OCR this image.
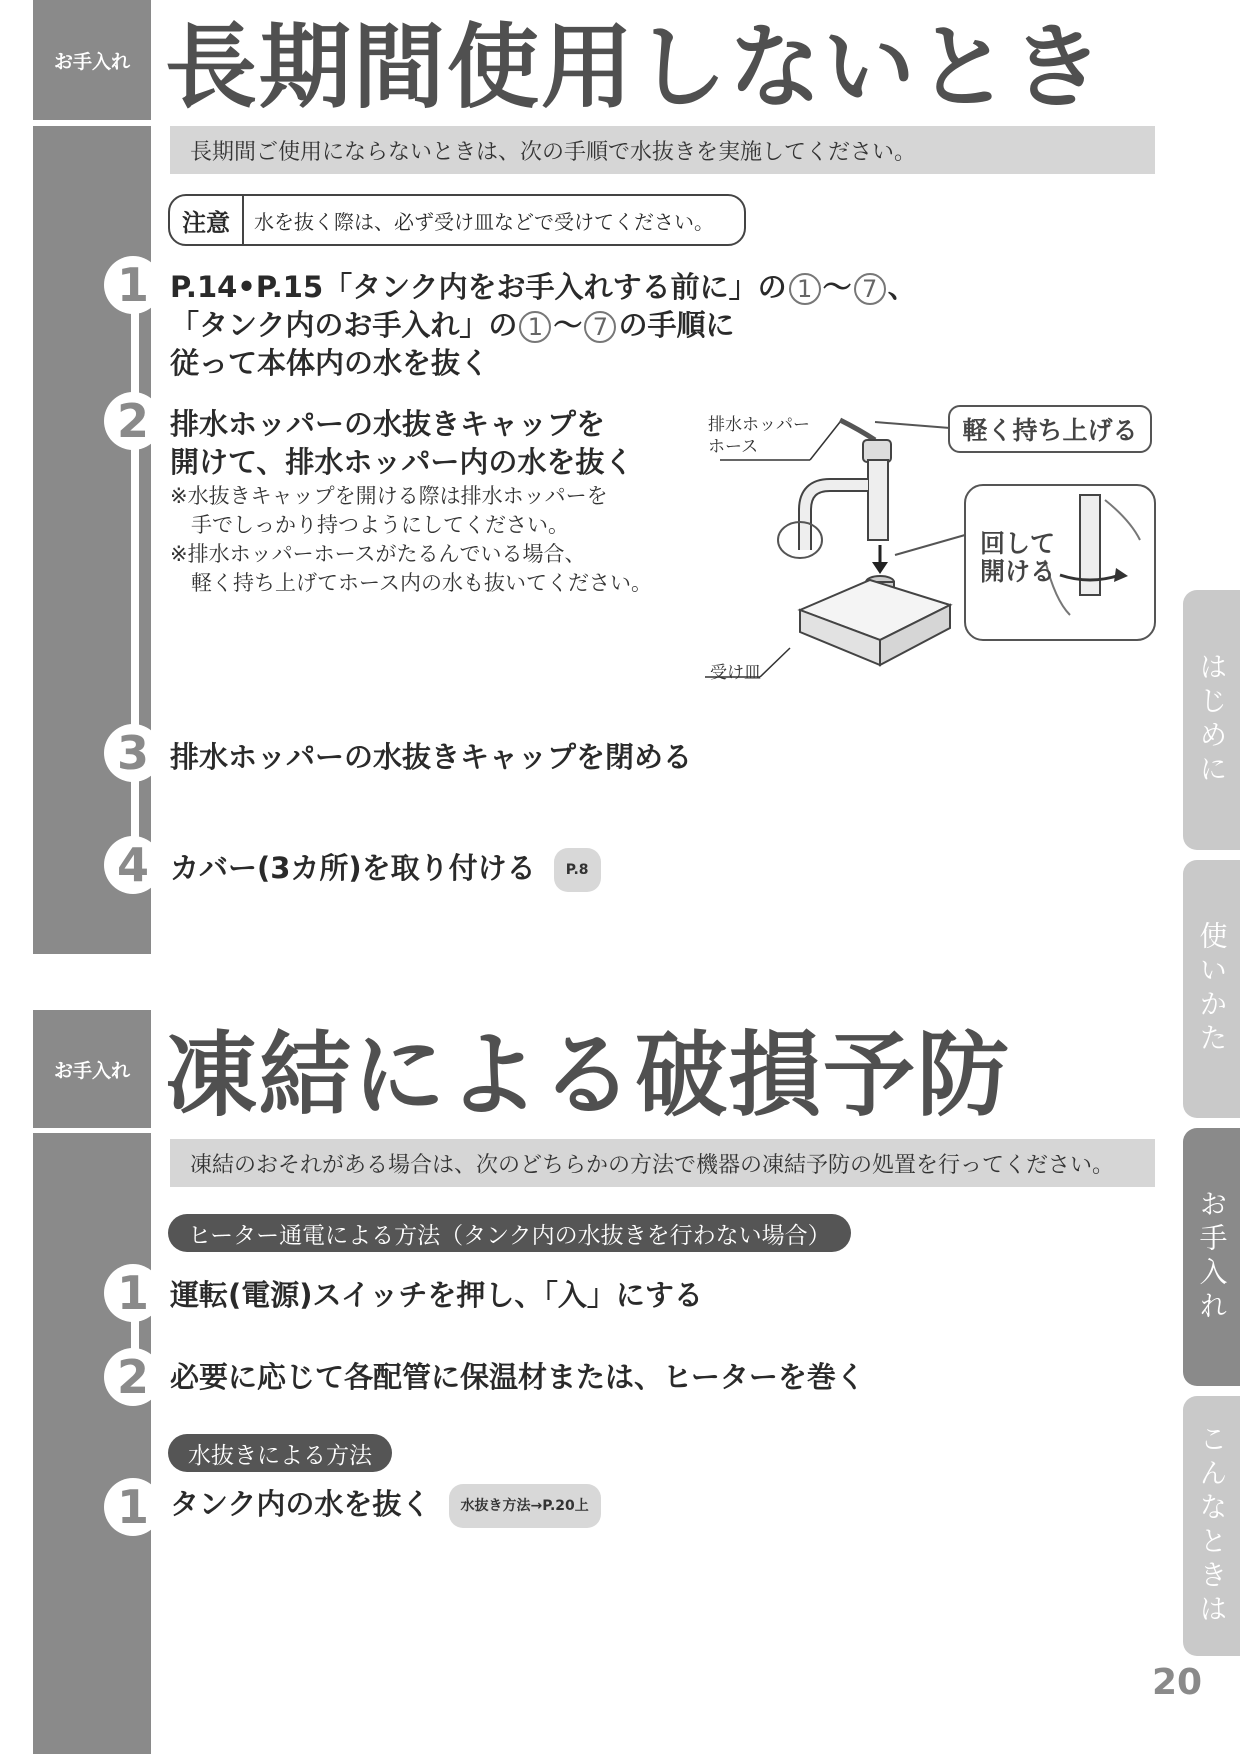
お手入れ 長期間使用しないとき
長期間ご使用にならないときは、次の手順で水抜きを実施してください。
注意	水を抜く際は、必ず受け皿などで受けてください。
1 P.14•P.15「タンク内をお手入れする前に」の 1 〜 7 、
「タンク内のお手入れ」の 1 〜 7 の手順に
従って本体内の水を抜く
2 排水ホッパーの水抜きキャップを
開けて、排水ホッパー内の水を抜く
※水抜きキャップを開ける際は排水ホッパーを
　手でしっかり持つようにしてください。
※排水ホッパーホースがたるんでいる場合、
　軽く持ち上げてホース内の水も抜いてください。
排水ホッパー
ホース
軽く持ち上げる
回して
開ける
受け皿
3 排水ホッパーの水抜きキャップを閉める
4 カバー(3カ所)を取り付ける P.8
お手入れ 凍結による破損予防
凍結のおそれがある場合は、次のどちらかの方法で機器の凍結予防の処置を行ってください。
ヒーター通電による方法（タンク内の水抜きを行わない場合）
1 運転(電源)スイッチを押し、「入」にする
2 必要に応じて各配管に保温材または、ヒーターを巻く
水抜きによる方法
1 タンク内の水を抜く 水抜き方法→P.20上
はじめに
使いかた
お手入れ
こんなときは
20
